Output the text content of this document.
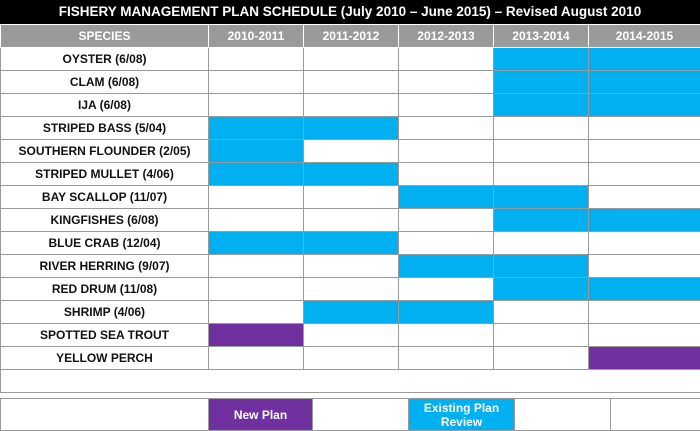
FISHERY MANAGEMENT PLAN SCHEDULE (July 2010 – June 2015) – Revised August 2010
SPECIES	2010-2011	2011-2012	2012-2013	2013-2014	2014-2015
OYSTER (6/08)					
CLAM (6/08)					
IJA (6/08)					
STRIPED BASS (5/04)					
SOUTHERN FLOUNDER (2/05)					
STRIPED MULLET (4/06)					
BAY SCALLOP (11/07)					
KINGFISHES (6/08)					
BLUE CRAB (12/04)					
RIVER HERRING (9/07)					
RED DRUM (11/08)					
SHRIMP (4/06)					
SPOTTED SEA TROUT					
YELLOW PERCH					

	New Plan		Existing Plan Review		
